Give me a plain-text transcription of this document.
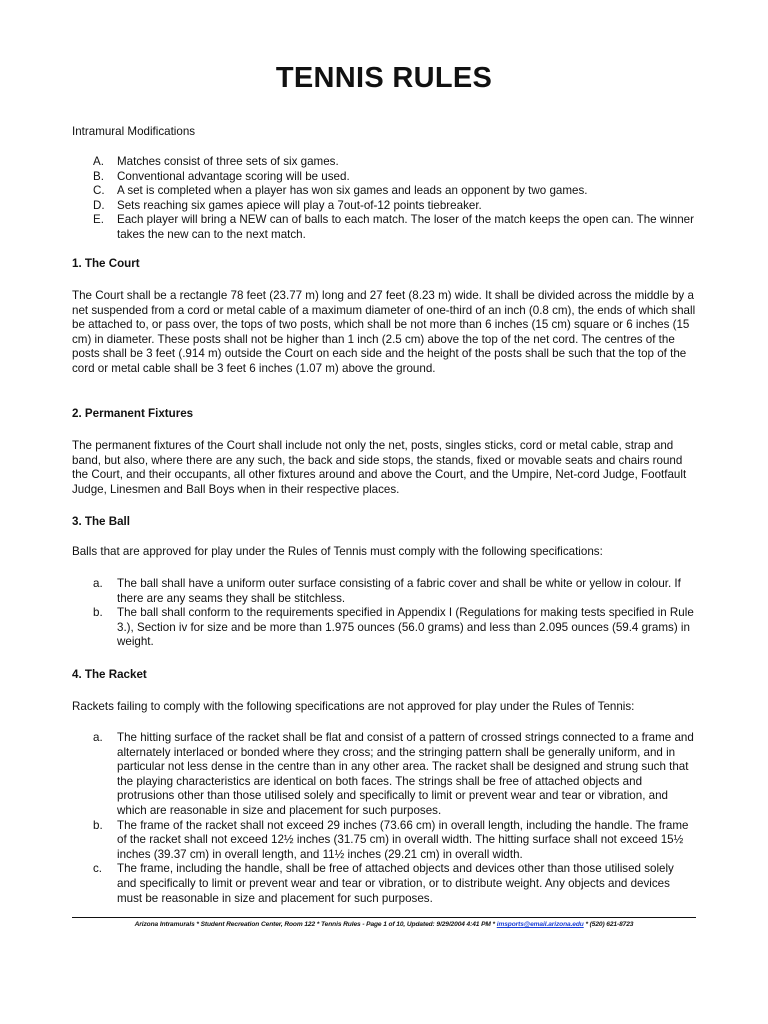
TENNIS RULES
Intramural Modifications
A. Matches consist of three sets of six games.
B. Conventional advantage scoring will be used.
C. A set is completed when a player has won six games and leads an opponent by two games.
D. Sets reaching six games apiece will play a 7out-of-12 points tiebreaker.
E. Each player will bring a NEW can of balls to each match. The loser of the match keeps the open can. The winner takes the new can to the next match.
1. The Court
The Court shall be a rectangle 78 feet (23.77 m) long and 27 feet (8.23 m) wide. It shall be divided across the middle by a net suspended from a cord or metal cable of a maximum diameter of one-third of an inch (0.8 cm), the ends of which shall be attached to, or pass over, the tops of two posts, which shall be not more than 6 inches (15 cm) square or 6 inches (15 cm) in diameter. These posts shall not be higher than 1 inch (2.5 cm) above the top of the net cord. The centres of the posts shall be 3 feet (.914 m) outside the Court on each side and the height of the posts shall be such that the top of the cord or metal cable shall be 3 feet 6 inches (1.07 m) above the ground.
2. Permanent Fixtures
The permanent fixtures of the Court shall include not only the net, posts, singles sticks, cord or metal cable, strap and band, but also, where there are any such, the back and side stops, the stands, fixed or movable seats and chairs round the Court, and their occupants, all other fixtures around and above the Court, and the Umpire, Net-cord Judge, Footfault Judge, Linesmen and Ball Boys when in their respective places.
3. The Ball
Balls that are approved for play under the Rules of Tennis must comply with the following specifications:
a. The ball shall have a uniform outer surface consisting of a fabric cover and shall be white or yellow in colour. If there are any seams they shall be stitchless.
b. The ball shall conform to the requirements specified in Appendix I (Regulations for making tests specified in Rule 3.), Section iv for size and be more than 1.975 ounces (56.0 grams) and less than 2.095 ounces (59.4 grams) in weight.
4. The Racket
Rackets failing to comply with the following specifications are not approved for play under the Rules of Tennis:
a. The hitting surface of the racket shall be flat and consist of a pattern of crossed strings connected to a frame and alternately interlaced or bonded where they cross; and the stringing pattern shall be generally uniform, and in particular not less dense in the centre than in any other area. The racket shall be designed and strung such that the playing characteristics are identical on both faces. The strings shall be free of attached objects and protrusions other than those utilised solely and specifically to limit or prevent wear and tear or vibration, and which are reasonable in size and placement for such purposes.
b. The frame of the racket shall not exceed 29 inches (73.66 cm) in overall length, including the handle. The frame of the racket shall not exceed 12½ inches (31.75 cm) in overall width. The hitting surface shall not exceed 15½ inches (39.37 cm) in overall length, and 11½ inches (29.21 cm) in overall width.
c. The frame, including the handle, shall be free of attached objects and devices other than those utilised solely and specifically to limit or prevent wear and tear or vibration, or to distribute weight. Any objects and devices must be reasonable in size and placement for such purposes.
Arizona Intramurals * Student Recreation Center, Room 122 * Tennis Rules - Page 1 of 10, Updated: 9/29/2004 4:41 PM * imsports@email.arizona.edu * (520) 621-8723
